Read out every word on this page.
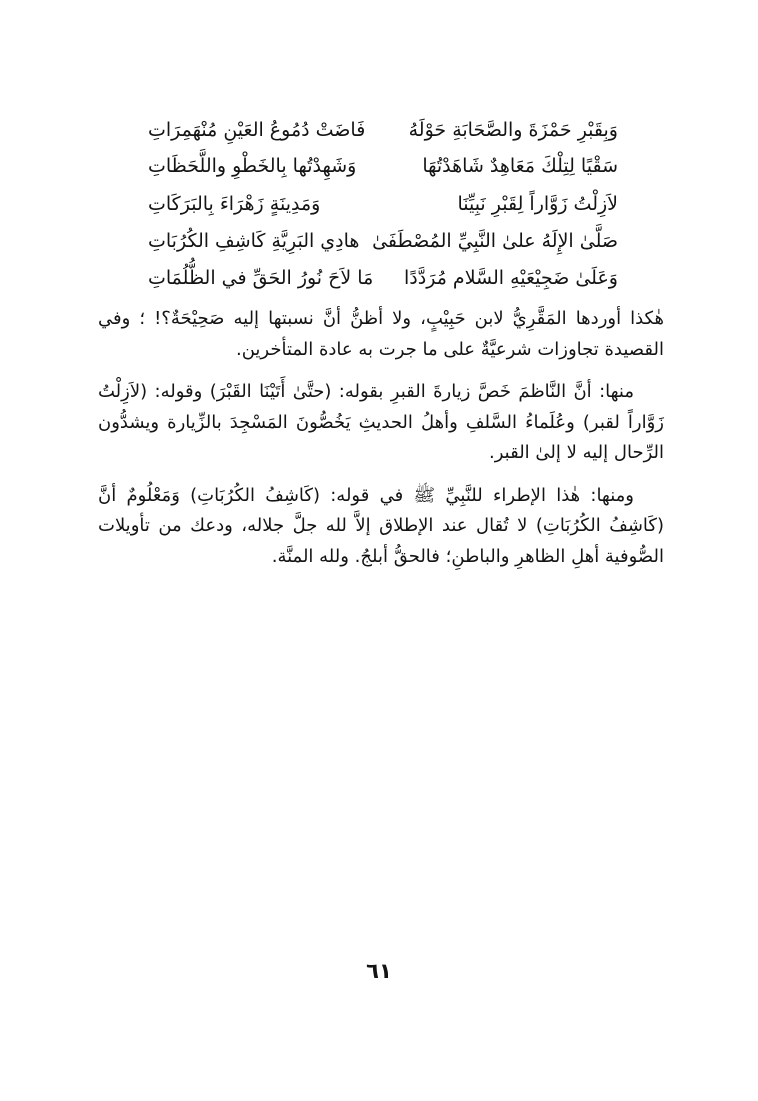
وَبِقَبْرِ حَمْزَةَ والصَّحَابَةِ حَوْلَهُ
فَاضَتْ دُمُوعُ العَيْنِ مُنْهَمِرَاتِ
سَقْيًا لِتِلْكَ مَعَاهِدٌ شَاهَدْتُهَا
وَشَهِدْتُها بِالخَطْوِ واللَّحَظَاتِ
لاَزِلْتُ زَوَّاراً لِقَبْرِ نَبِيِّنَا
وَمَدِينَةٍ زَهْرَاءَ بِالبَرَكَاتِ
صَلَّىٰ الإِلَهُ علىٰ النَّبِيِّ المُصْطَفَىٰ
هادِي البَرِيَّةِ كَاشِفِ الكُرُبَاتِ
وَعَلَىٰ ضَجِيْعَيْهِ السَّلام مُرَدَّدًا
مَا لاَحَ نُورُ الحَقِّ في الظُّلُمَاتِ

هٰكذا أوردها المَقَّرِيُّ لابن حَبِيْبٍ، ولا أظنُّ أنَّ نسبتها إليه صَحِيْحَةٌ؟! ؛ وفي القصيدة تجاوزات شرعيَّةٌ على ما جرت به عادة المتأخرين.

منها: أنَّ النَّاظمَ خَصَّ زيارةَ القبرِ بقوله: (حتَّىٰ أَتَيْنَا القَبْرَ) وقوله: (لاَزِلْتُ زَوَّاراً لقبر) وعُلَماءُ السَّلفِ وأهلُ الحديثِ يَخُصُّونَ المَسْجِدَ بالزِّيارة ويشدُّون الرِّحال إليه لا إلىٰ القبر.

ومنها: هٰذا الإطراء للنَّبِيِّ ﷺ في قوله: (كَاشِفُ الكُرُبَاتِ) وَمَعْلُومٌ أنَّ (كَاشِفُ الكُرُبَاتِ) لا تُقال عند الإطلاق إلاَّ لله جلَّ جلاله، ودعك من تأويلات الصُّوفية أهلِ الظاهرِ والباطنِ؛ فالحقُّ أبلجُ. ولله المنَّة.

٦١
